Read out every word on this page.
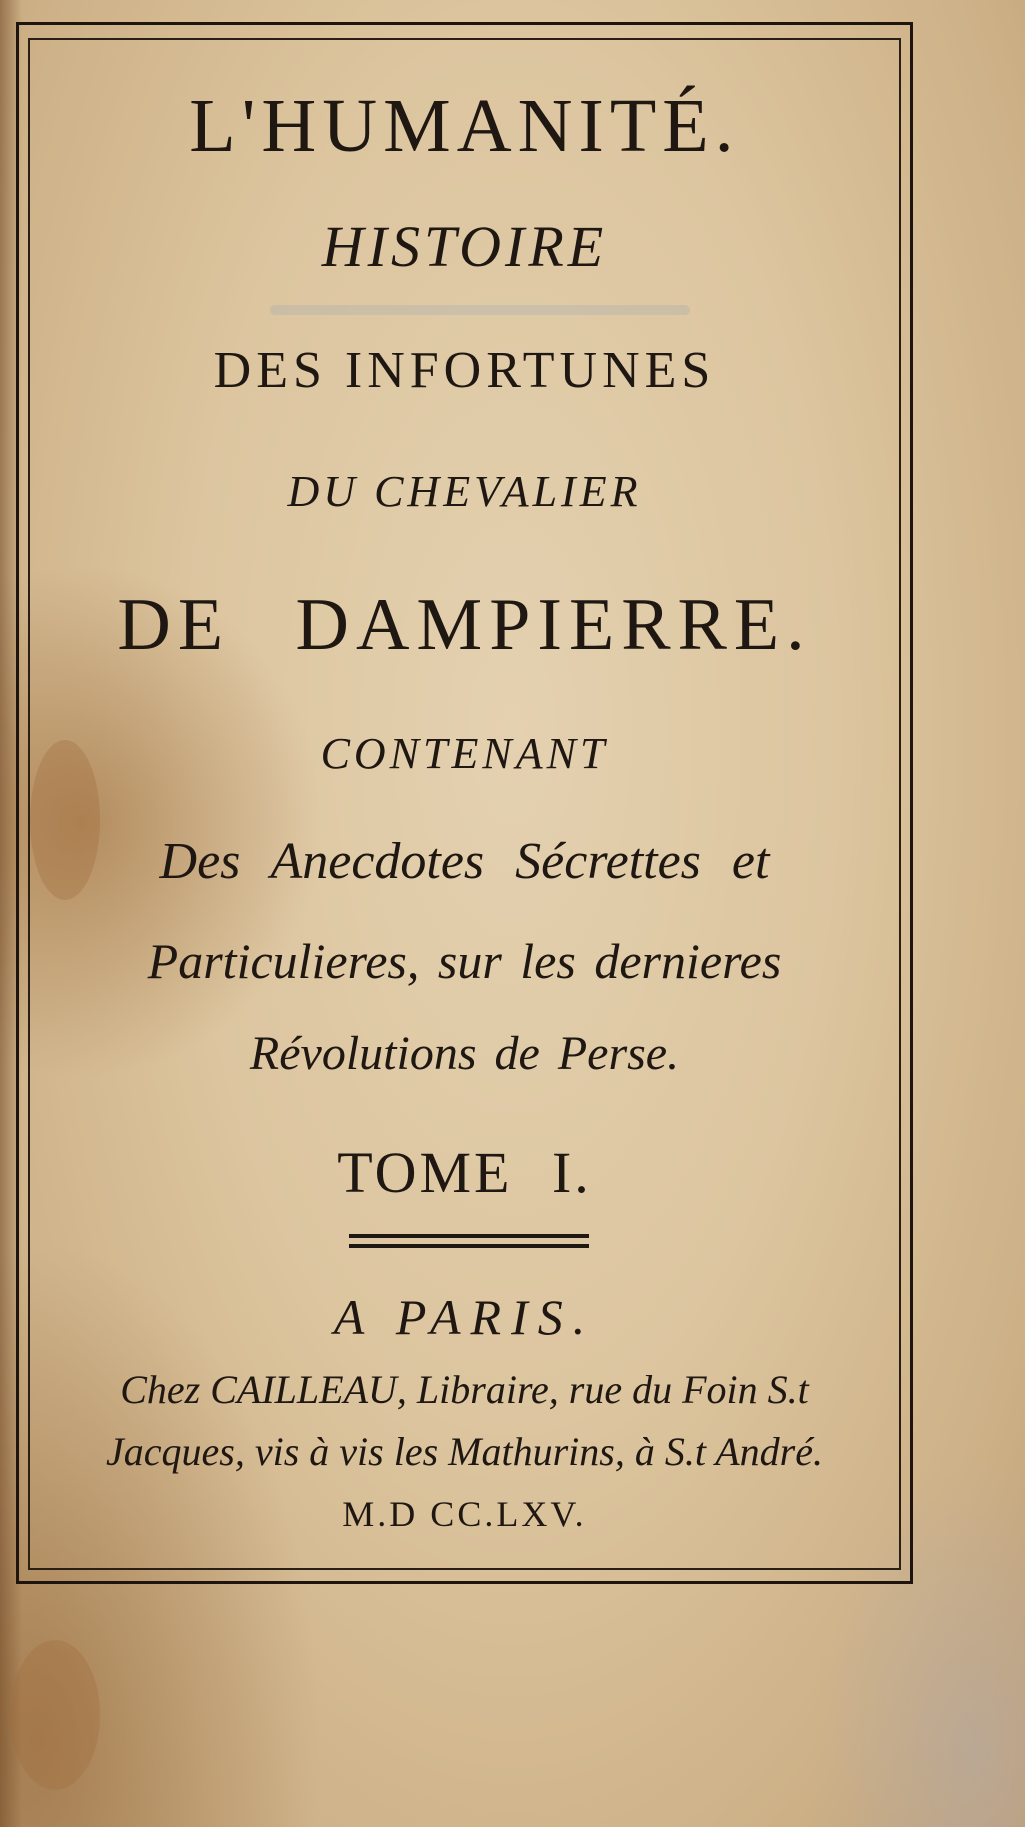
L'HUMANITÉ.
HISTOIRE
DES INFORTUNES
DU CHEVALIER
DE DAMPIERRE.
CONTENANT
Des Anecdotes Sécrettes et
Particulieres, sur les dernieres
Révolutions de Perse.
TOME I.
A PARIS.
Chez CAILLEAU, Libraire, rue du Foin S.t
Jacques, vis à vis les Mathurins, à S.t André.
M.D CC.LXV.
